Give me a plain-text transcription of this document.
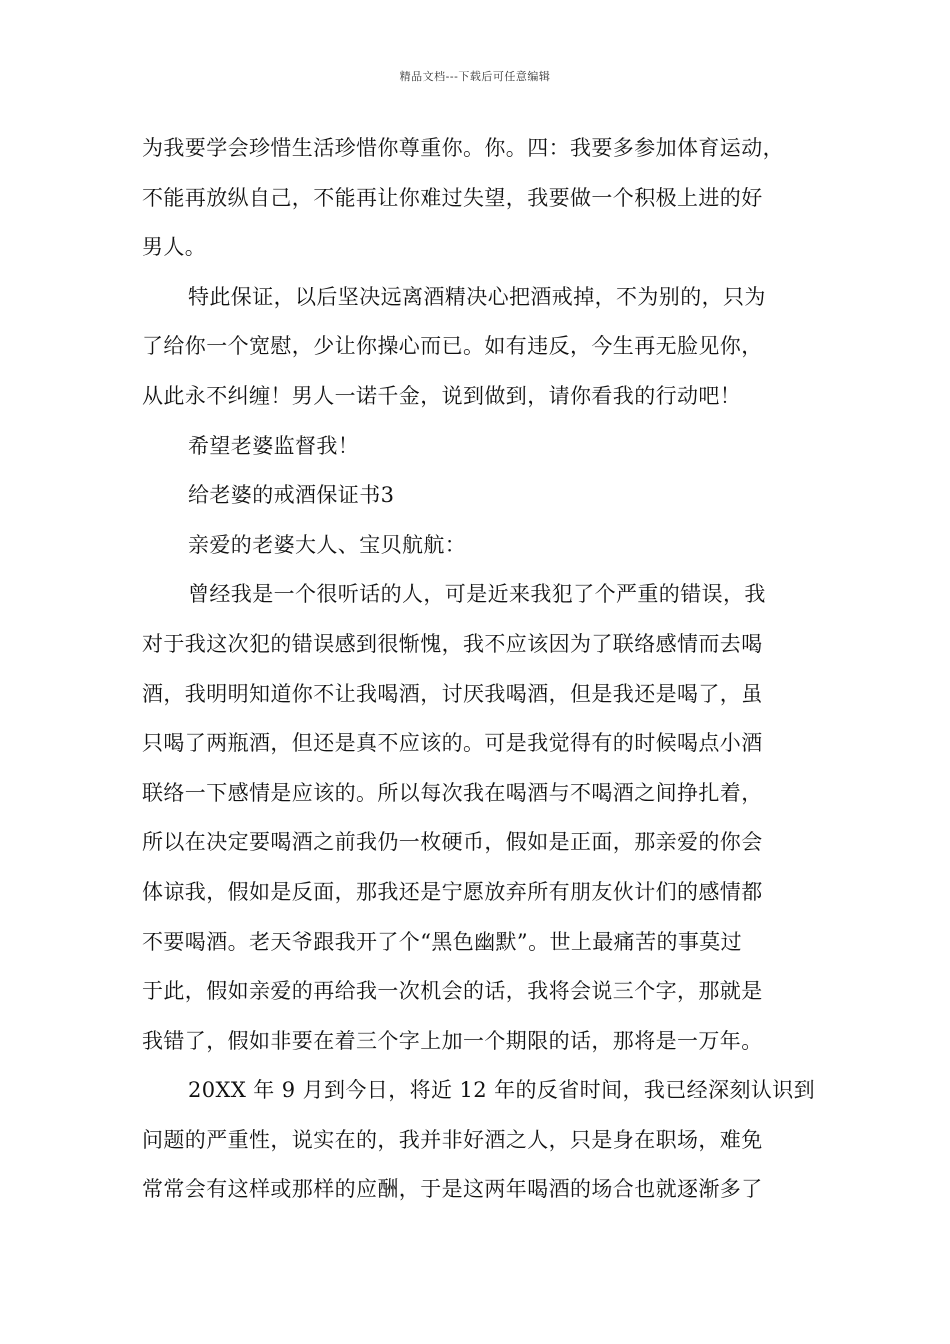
精品文档---下载后可任意编辑
为我要学会珍惜生活珍惜你尊重你。你。四：我要多参加体育运动，
不能再放纵自己，不能再让你难过失望，我要做一个积极上进的好
男人。
特此保证，以后坚决远离酒精决心把酒戒掉，不为别的，只为
了给你一个宽慰，少让你操心而已。如有违反，今生再无脸见你，
从此永不纠缠！男人一诺千金，说到做到，请你看我的行动吧！
希望老婆监督我！
给老婆的戒酒保证书3
亲爱的老婆大人、宝贝航航：
曾经我是一个很听话的人，可是近来我犯了个严重的错误，我
对于我这次犯的错误感到很惭愧，我不应该因为了联络感情而去喝
酒，我明明知道你不让我喝酒，讨厌我喝酒，但是我还是喝了，虽
只喝了两瓶酒，但还是真不应该的。可是我觉得有的时候喝点小酒
联络一下感情是应该的。所以每次我在喝酒与不喝酒之间挣扎着，
所以在决定要喝酒之前我仍一枚硬币，假如是正面，那亲爱的你会
体谅我，假如是反面，那我还是宁愿放弃所有朋友伙计们的感情都
不要喝酒。老天爷跟我开了个“黑色幽默”。世上最痛苦的事莫过
于此，假如亲爱的再给我一次机会的话，我将会说三个字，那就是
我错了，假如非要在着三个字上加一个期限的话，那将是一万年。
20XX 年 9 月到今日，将近 12 年的反省时间，我已经深刻认识到
问题的严重性，说实在的，我并非好酒之人，只是身在职场，难免
常常会有这样或那样的应酬，于是这两年喝酒的场合也就逐渐多了
